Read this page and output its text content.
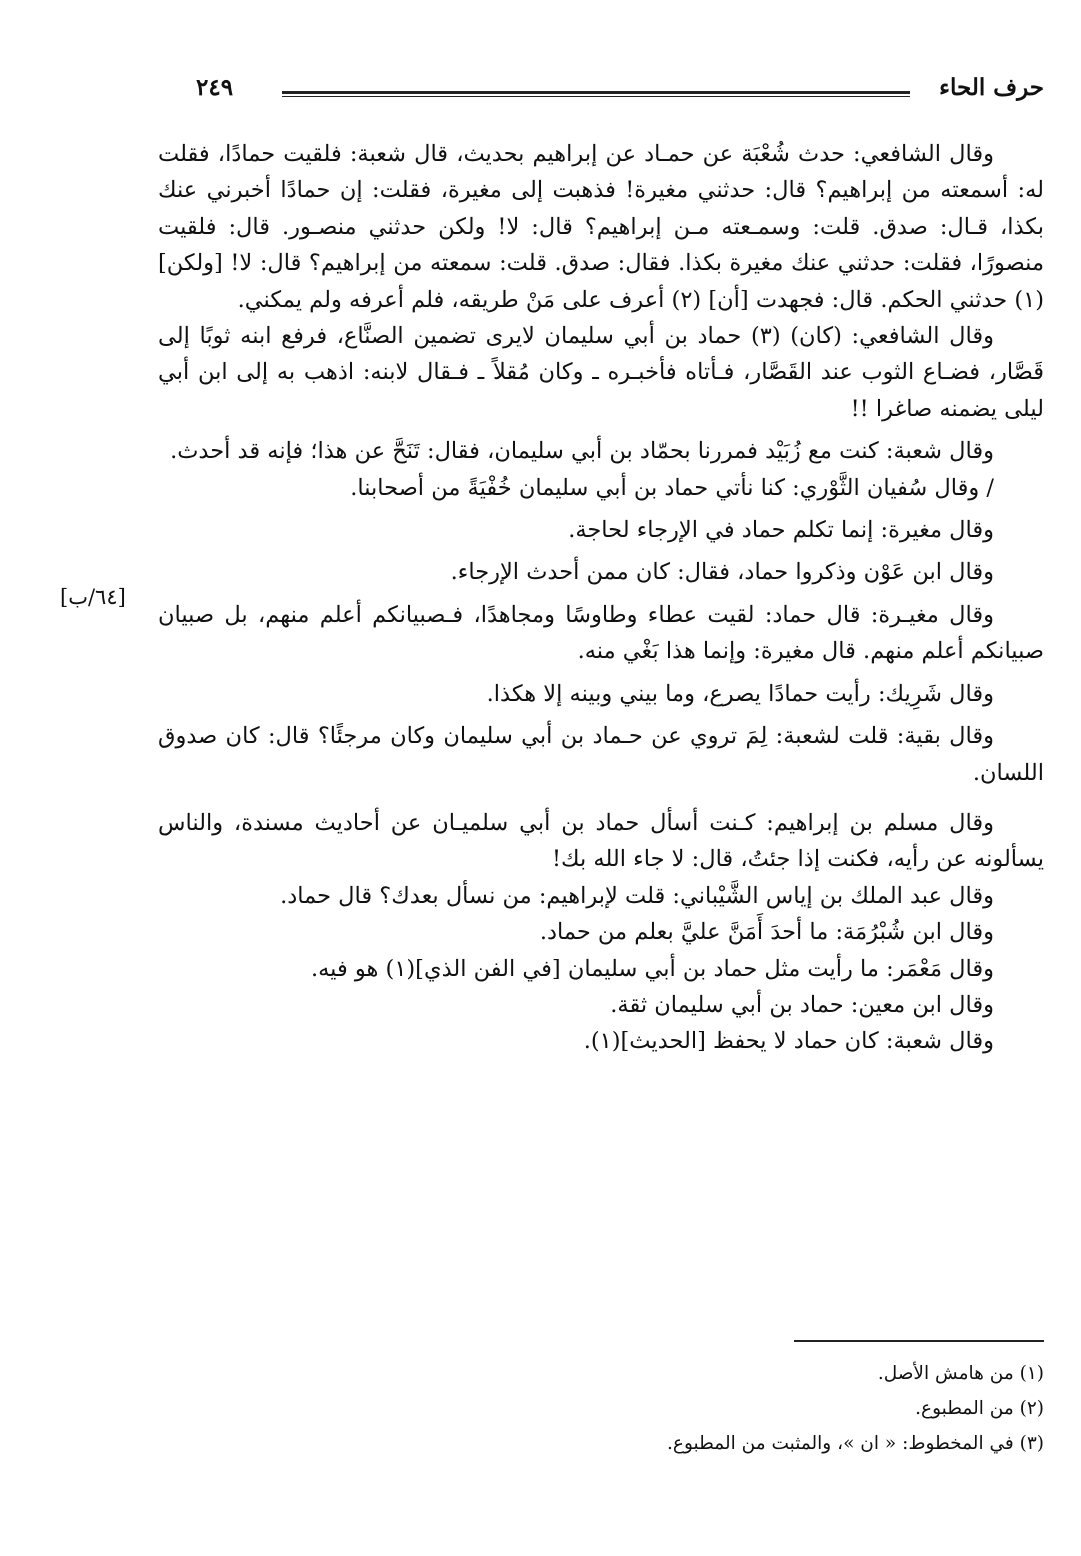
حرف الحاء
٢٤٩

وقال الشافعي: حدث شُعْبَة عن حمـاد عن إبراهيم بحديث، قال شعبة: فلقيت حمادًا، فقلت له: أسمعته من إبراهيم؟ قال: حدثني مغيرة! فذهبت إلى مغيرة، فقلت: إن حمادًا أخبرني عنك بكذا، قـال: صدق. قلت: وسمـعته مـن إبراهيم؟ قال: لا! ولكن حدثني منصـور. قال: فلقيت منصورًا، فقلت: حدثني عنك مغيرة بكذا. فقال: صدق. قلت: سمعته من إبراهيم؟ قال: لا! [ولكن] (١) حدثني الحكم. قال: فجهدت [أن] (٢) أعرف على مَنْ طريقه، فلم أعرفه ولم يمكني.

وقال الشافعي: (كان) (٣) حماد بن أبي سليمان لايرى تضمين الصنَّاع، فرفع ابنه ثوبًا إلى قَصَّار، فضـاع الثوب عند القَصَّار، فـأتاه فأخبـره ـ وكان مُقلاً ـ فـقال لابنه: اذهب به إلى ابن أبي ليلى يضمنه صاغرا !!

وقال شعبة: كنت مع زُبَيْد فمررنا بحمّاد بن أبي سليمان، فقال: تَنَحَّ عن هذا؛ فإنه قد أحدث.

/ وقال سُفيان الثَّوْري: كنا نأتي حماد بن أبي سليمان خُفْيَةً من أصحابنا.

وقال مغيرة: إنما تكلم حماد في الإرجاء لحاجة.

وقال ابن عَوْن وذكروا حماد، فقال: كان ممن أحدث الإرجاء.

وقال مغيـرة: قال حماد: لقيت عطاء وطاوسًا ومجاهدًا، فـصبيانكم أعلم منهم، بل صبيان صبيانكم أعلم منهم. قال مغيرة: وإنما هذا بَغْي منه.

وقال شَرِيك: رأيت حمادًا يصرع، وما بيني وبينه إلا هكذا.

وقال بقية: قلت لشعبة: لِمَ تروي عن حـماد بن أبي سليمان وكان مرجئًا؟ قال: كان صدوق اللسان.

وقال مسلم بن إبراهيم: كـنت أسأل حماد بن أبي سلميـان عن أحاديث مسندة، والناس يسألونه عن رأيه، فكنت إذا جئتُ، قال: لا جاء الله بك!

وقال عبد الملك بن إياس الشَّيْباني: قلت لإبراهيم: من نسأل بعدك؟ قال حماد.

وقال ابن شُبْرُمَة: ما أحدَ أَمَنَّ عليَّ بعلم من حماد.

وقال مَعْمَر: ما رأيت مثل حماد بن أبي سليمان [في الفن الذي](١) هو فيه.

وقال ابن معين: حماد بن أبي سليمان ثقة.

وقال شعبة: كان حماد لا يحفظ [الحديث](١).

[٦٤/ب]
(١) من هامش الأصل.
(٢) من المطبوع.
(٣) في المخطوط: « ان »، والمثبت من المطبوع.
